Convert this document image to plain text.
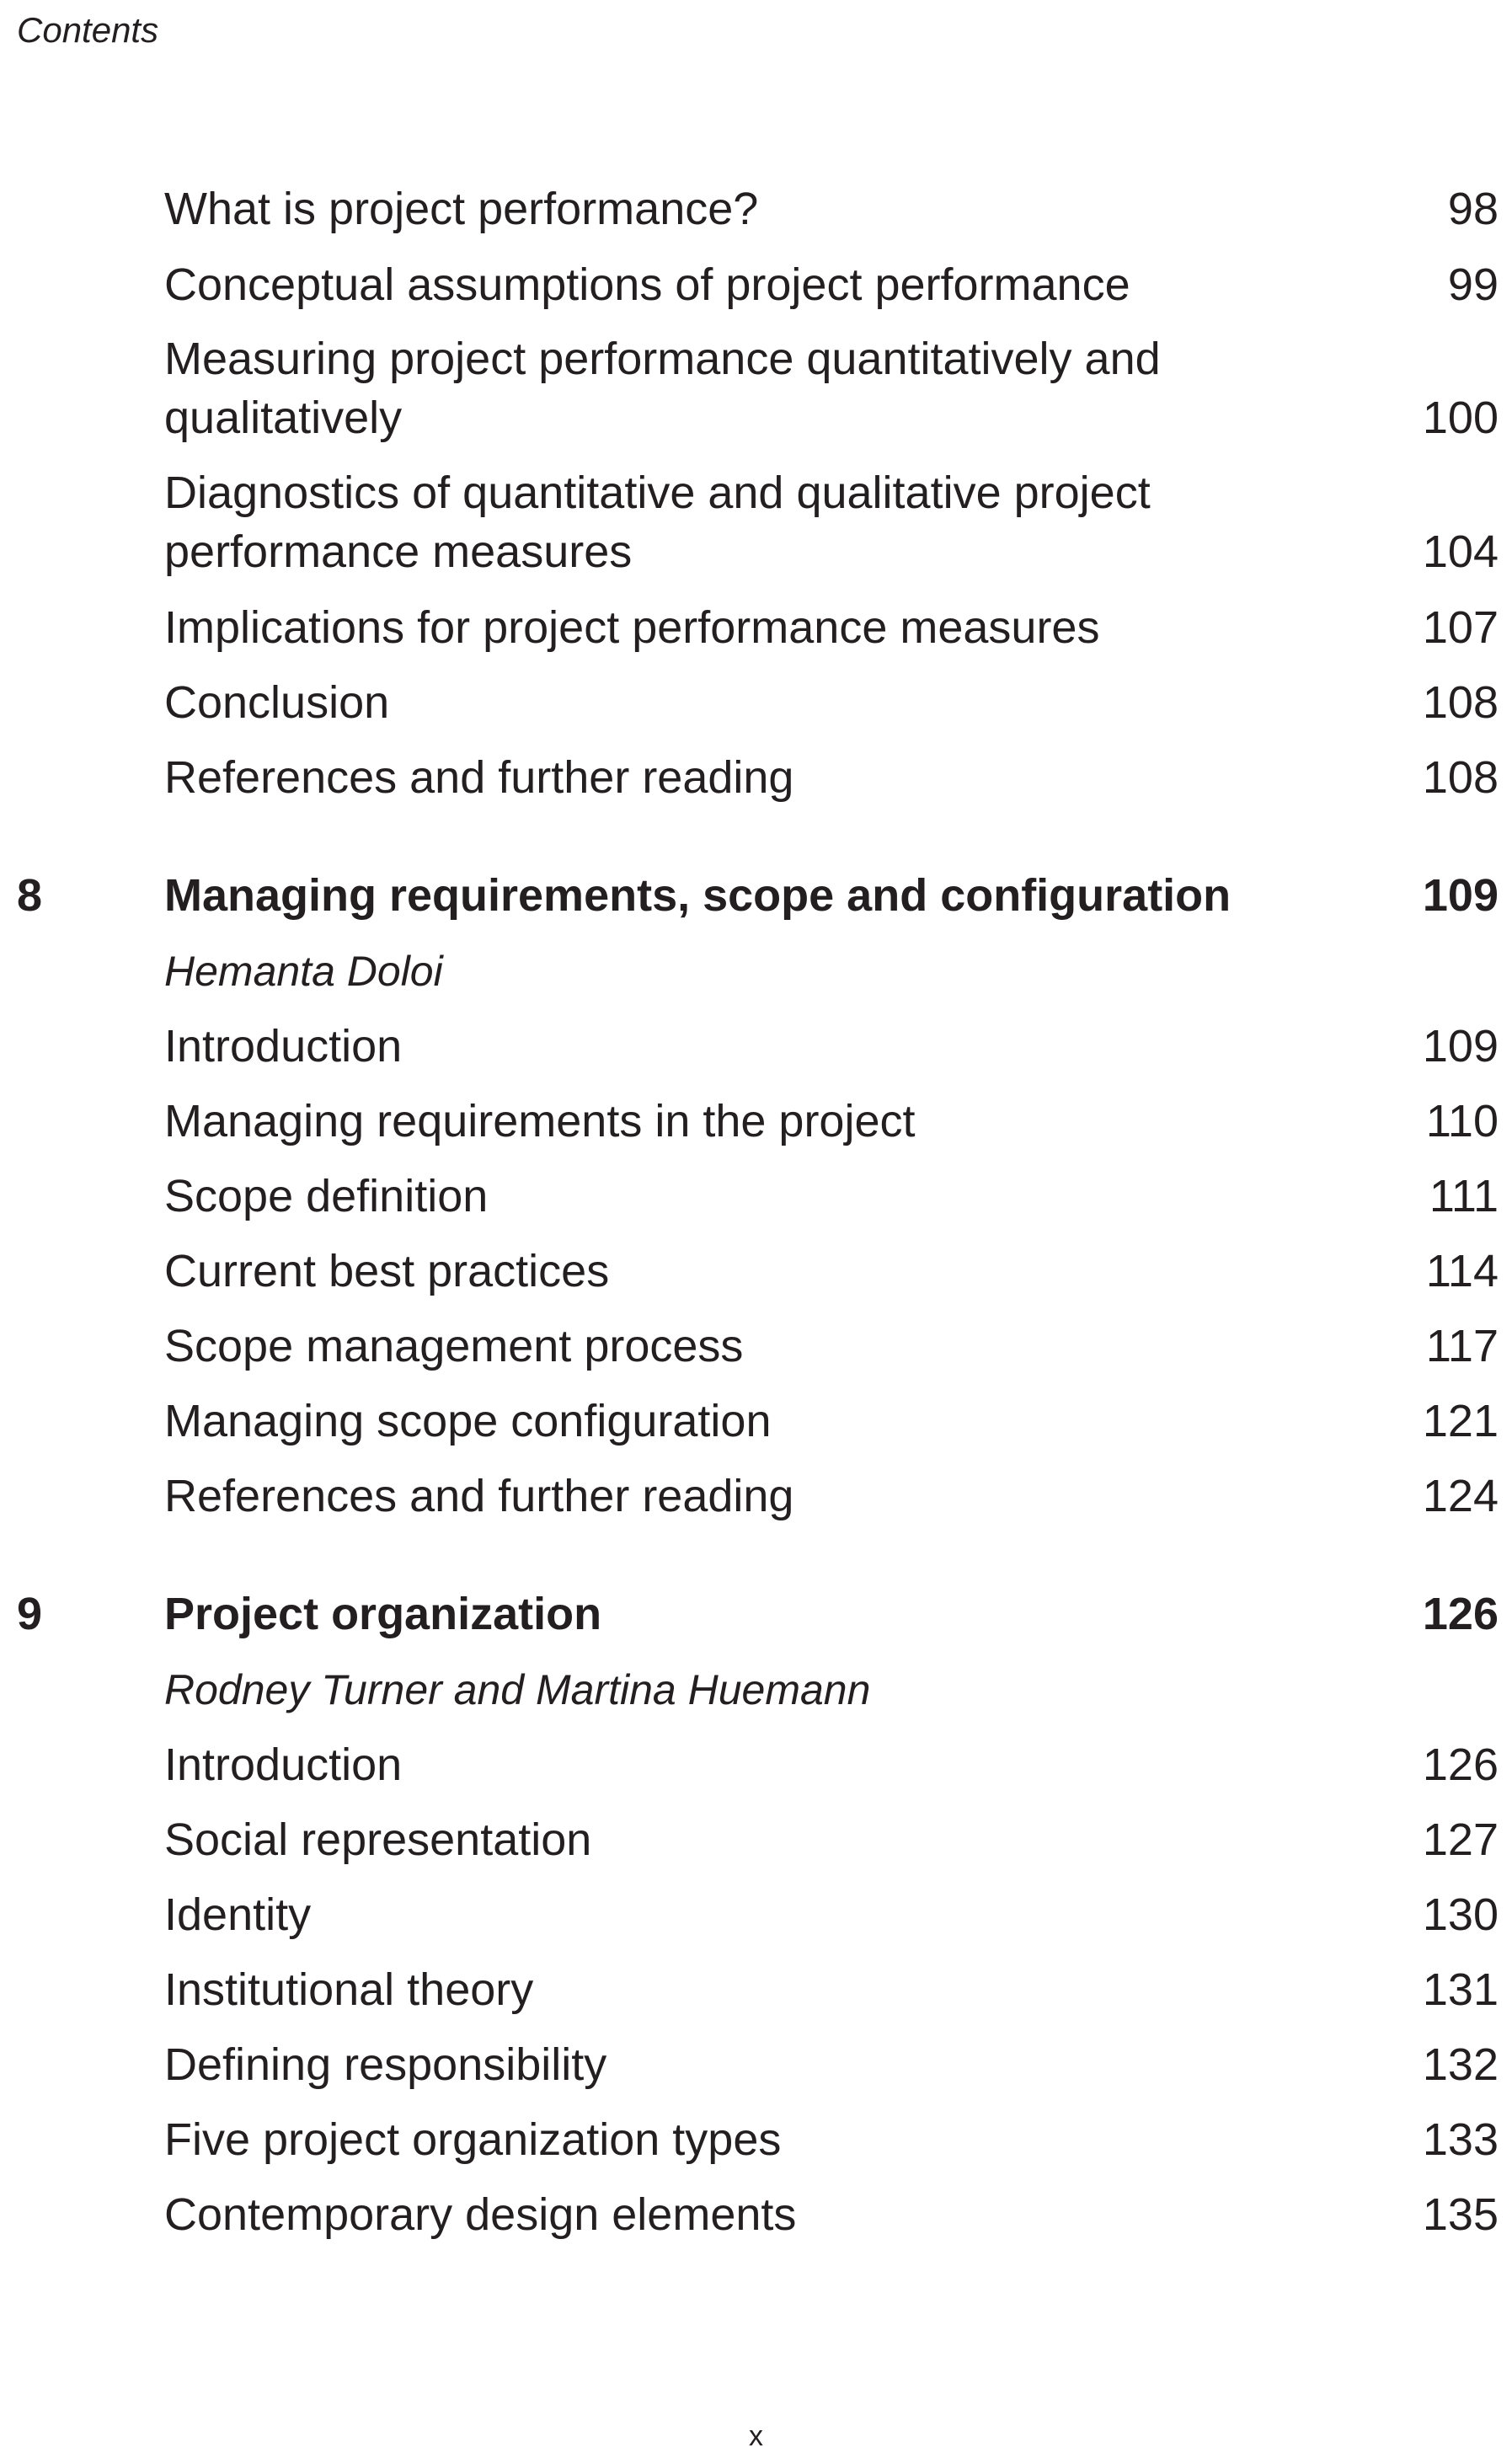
Contents
What is project performance?	98
Conceptual assumptions of project performance	99
Measuring project performance quantitatively and qualitatively	100
Diagnostics of quantitative and qualitative project performance measures	104
Implications for project performance measures	107
Conclusion	108
References and further reading	108
8	Managing requirements, scope and configuration	109
Hemanta Doloi
Introduction	109
Managing requirements in the project	110
Scope definition	111
Current best practices	114
Scope management process	117
Managing scope configuration	121
References and further reading	124
9	Project organization	126
Rodney Turner and Martina Huemann
Introduction	126
Social representation	127
Identity	130
Institutional theory	131
Defining responsibility	132
Five project organization types	133
Contemporary design elements	135
x
